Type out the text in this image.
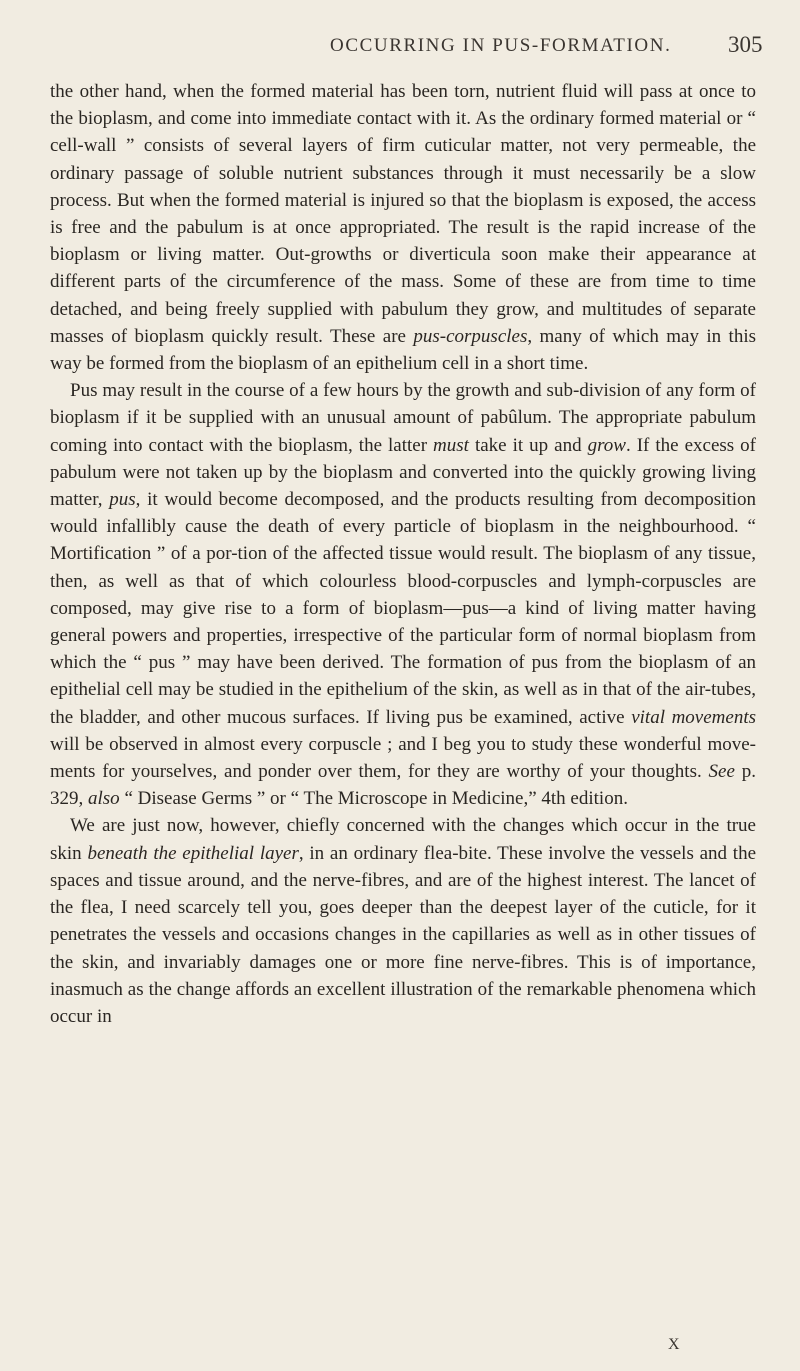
OCCURRING IN PUS-FORMATION. 305

the other hand, when the formed material has been torn, nutrient fluid will pass at once to the bioplasm, and come into immediate contact with it. As the ordinary formed material or “ cell-wall ” consists of several layers of firm cuticular matter, not very permeable, the ordinary passage of soluble nutrient substances through it must necessarily be a slow process. But when the formed material is injured so that the bioplasm is exposed, the access is free and the pabulum is at once appropriated. The result is the rapid increase of the bioplasm or living matter. Out-growths or diverticula soon make their appearance at different parts of the circumference of the mass. Some of these are from time to time detached, and being freely supplied with pabulum they grow, and multitudes of separate masses of bioplasm quickly result. These are pus-corpuscles, many of which may in this way be formed from the bioplasm of an epithelium cell in a short time.

Pus may result in the course of a few hours by the growth and sub-division of any form of bioplasm if it be supplied with an unusual amount of pabûlum. The appropriate pabulum coming into contact with the bioplasm, the latter must take it up and grow. If the excess of pabulum were not taken up by the bioplasm and converted into the quickly growing living matter, pus, it would become decomposed, and the products resulting from decomposition would infallibly cause the death of every particle of bioplasm in the neighbourhood. “ Mortification ” of a por-tion of the affected tissue would result. The bioplasm of any tissue, then, as well as that of which colourless blood-corpuscles and lymph-corpuscles are composed, may give rise to a form of bioplasm—pus—a kind of living matter having general powers and properties, irrespective of the particular form of normal bioplasm from which the “ pus ” may have been derived. The formation of pus from the bioplasm of an epithelial cell may be studied in the epithelium of the skin, as well as in that of the air-tubes, the bladder, and other mucous surfaces. If living pus be examined, active vital movements will be observed in almost every corpuscle ; and I beg you to study these wonderful move-ments for yourselves, and ponder over them, for they are worthy of your thoughts. See p. 329, also “ Disease Germs ” or “ The Microscope in Medicine,” 4th edition.

We are just now, however, chiefly concerned with the changes which occur in the true skin beneath the epithelial layer, in an ordinary flea-bite. These involve the vessels and the spaces and tissue around, and the nerve-fibres, and are of the highest interest. The lancet of the flea, I need scarcely tell you, goes deeper than the deepest layer of the cuticle, for it penetrates the vessels and occasions changes in the capillaries as well as in other tissues of the skin, and invariably damages one or more fine nerve-fibres. This is of importance, inasmuch as the change affords an excellent illustration of the remarkable phenomena which occur in

X
